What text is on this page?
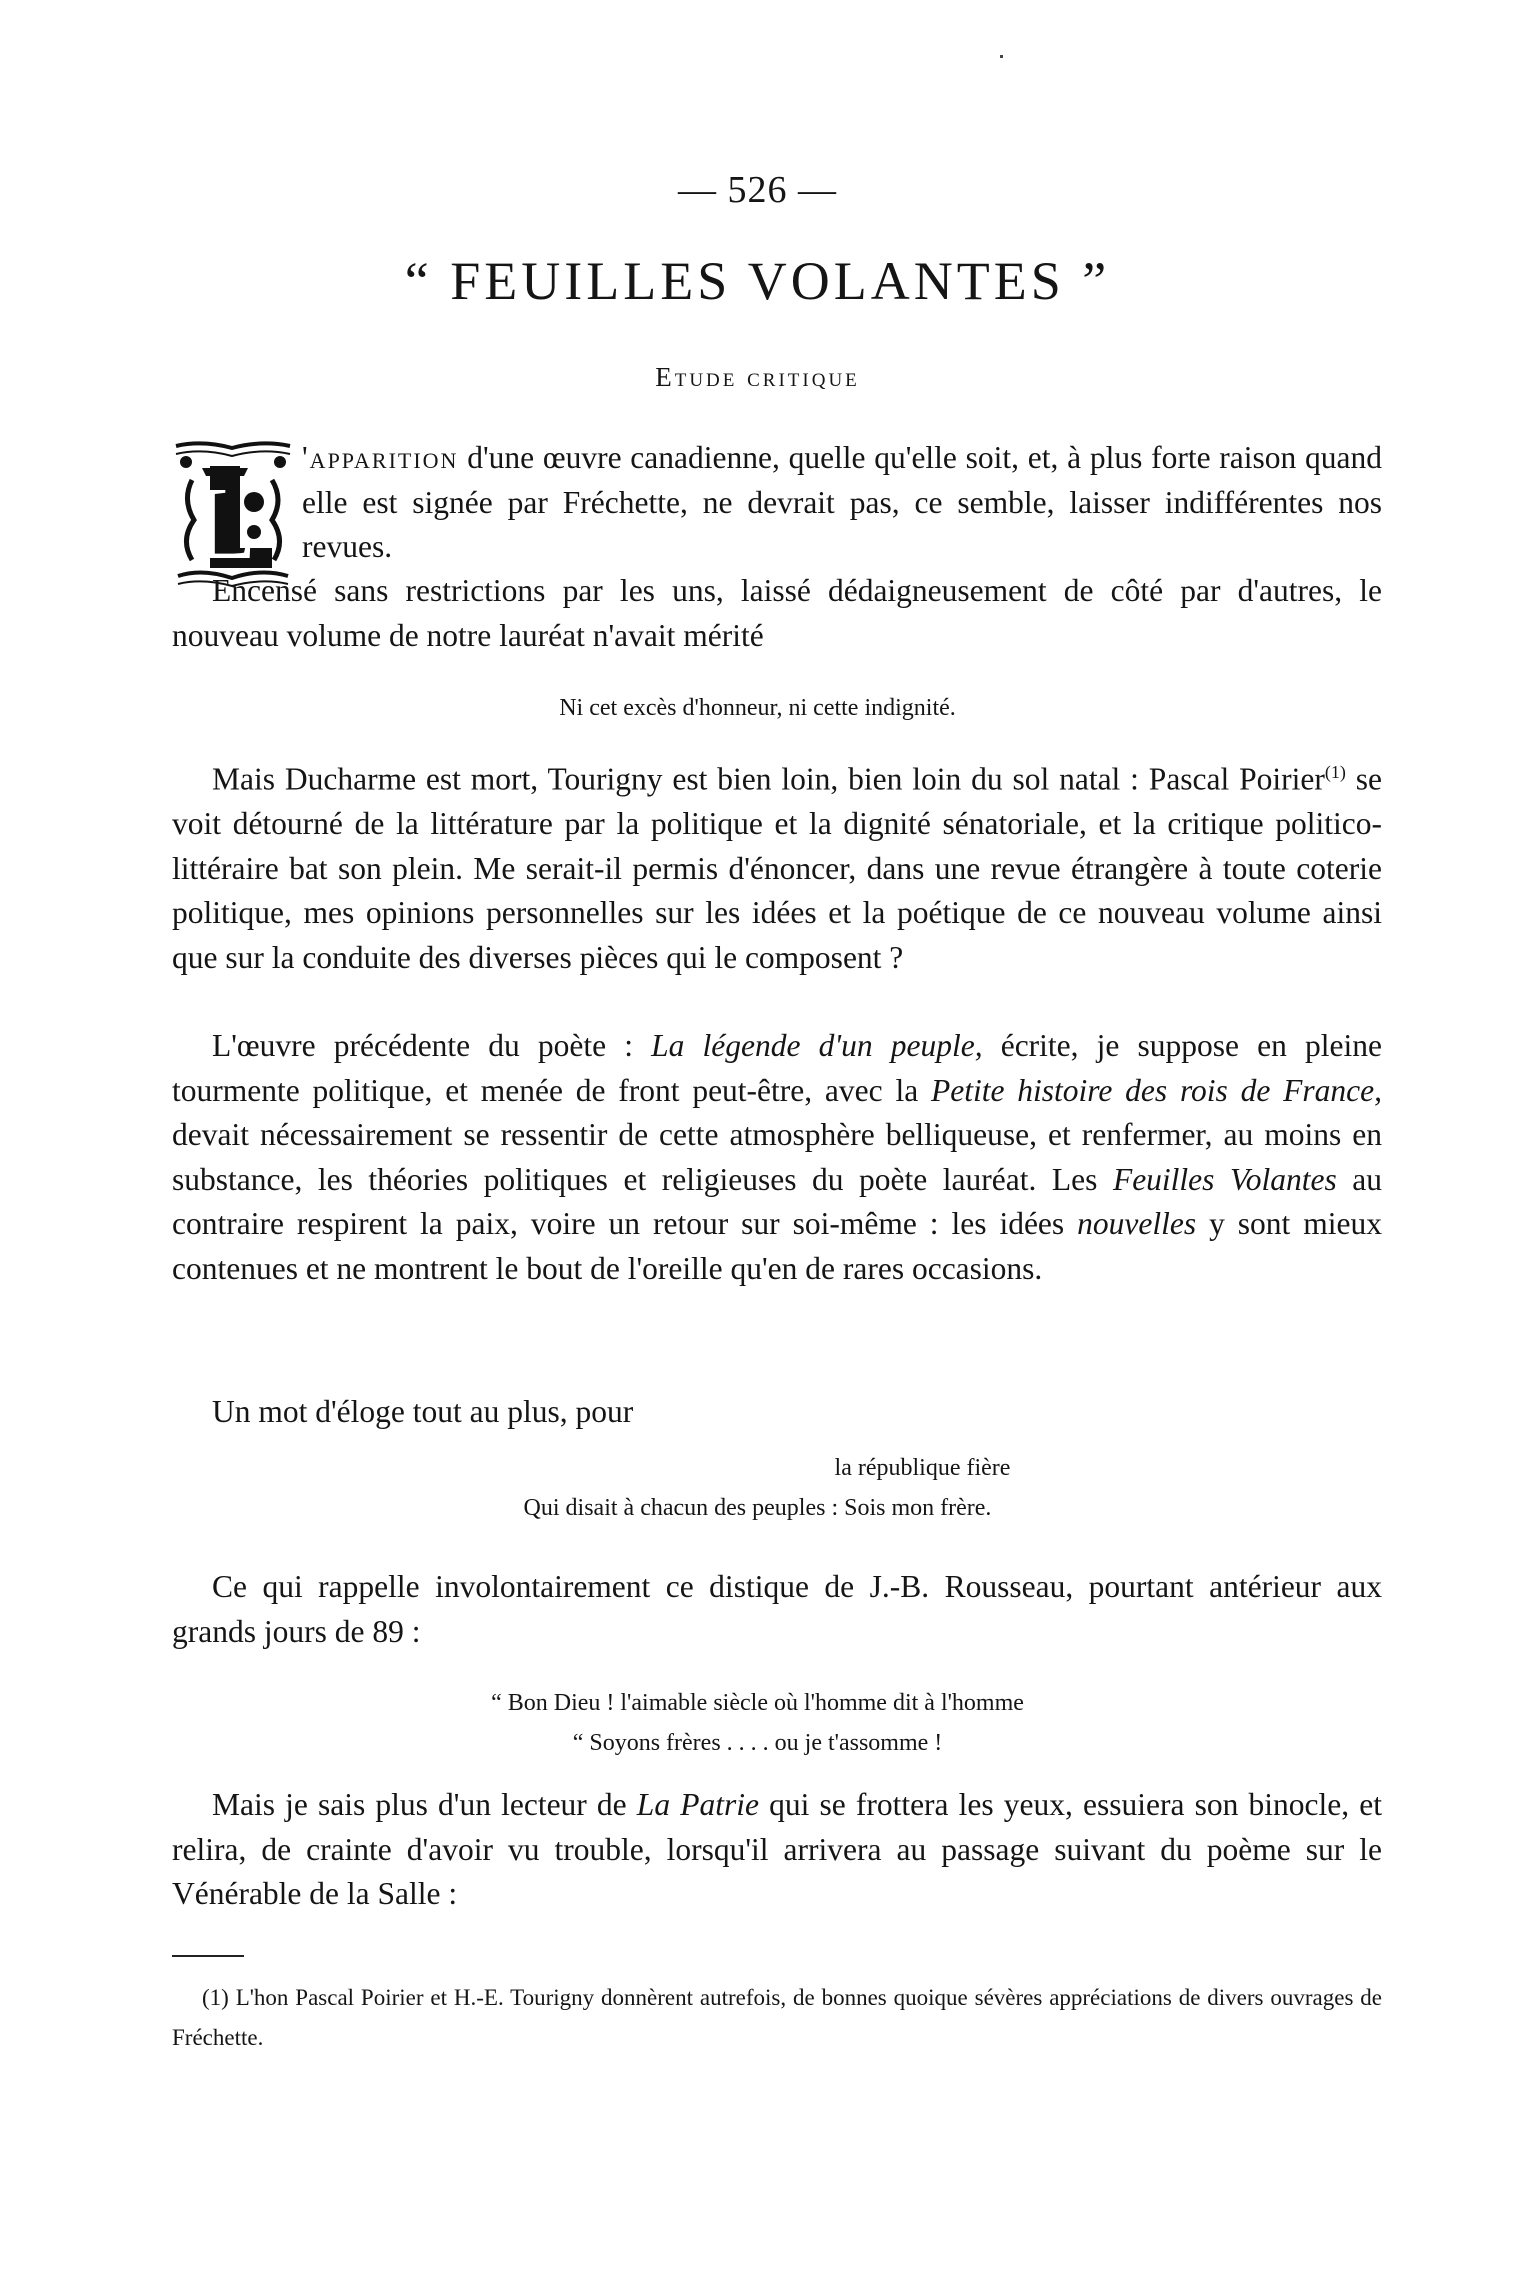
— 526 —
“ FEUILLES VOLANTES ”
Etude critique
L

'apparition d'une œuvre canadienne, quelle qu'elle soit, et, à plus forte raison quand elle est signée par Fréchette, ne devrait pas, ce semble, laisser indifférentes nos revues.

Encensé sans restrictions par les uns, laissé dédaigneusement de côté par d'autres, le nouveau volume de notre lauréat n'avait mérité

Ni cet excès d'honneur, ni cette indignité.

Mais Ducharme est mort, Tourigny est bien loin, bien loin du sol natal : Pascal Poirier$^{(1)}$ se voit détourné de la littérature par la politique et la dignité sénatoriale, et la critique politico-littéraire bat son plein. Me serait-il permis d'énoncer, dans une revue étrangère à toute coterie politique, mes opinions personnelles sur les idées et la poétique de ce nouveau volume ainsi que sur la conduite des diverses pièces qui le composent ?

L'œuvre précédente du poète : La légende d'un peuple, écrite, je suppose en pleine tourmente politique, et menée de front peut-être, avec la Petite histoire des rois de France, devait nécessairement se ressentir de cette atmosphère belliqueuse, et renfermer, au moins en substance, les théories politiques et religieuses du poète lauréat. Les Feuilles Volantes au contraire respirent la paix, voire un retour sur soi-même : les idées nouvelles y sont mieux contenues et ne montrent le bout de l'oreille qu'en de rares occasions.

Un mot d'éloge tout au plus, pour

la république fière

Qui disait à chacun des peuples : Sois mon frère.

Ce qui rappelle involontairement ce distique de J.-B. Rousseau, pourtant antérieur aux grands jours de 89 :

(1) L'hon Pascal Poirier et H.-E. Tourigny donnèrent autrefois, de bonnes quoique sévères appréciations de divers ouvrages de Fréchette.

“ Bon Dieu ! l'aimable siècle où l'homme dit à l'homme

“ Soyons frères . . . . ou je t'assomme !

Mais je sais plus d'un lecteur de La Patrie qui se frottera les yeux, essuiera son binocle, et relira, de crainte d'avoir vu trouble, lorsqu'il arrivera au passage suivant du poème sur le Vénérable de la Salle :
